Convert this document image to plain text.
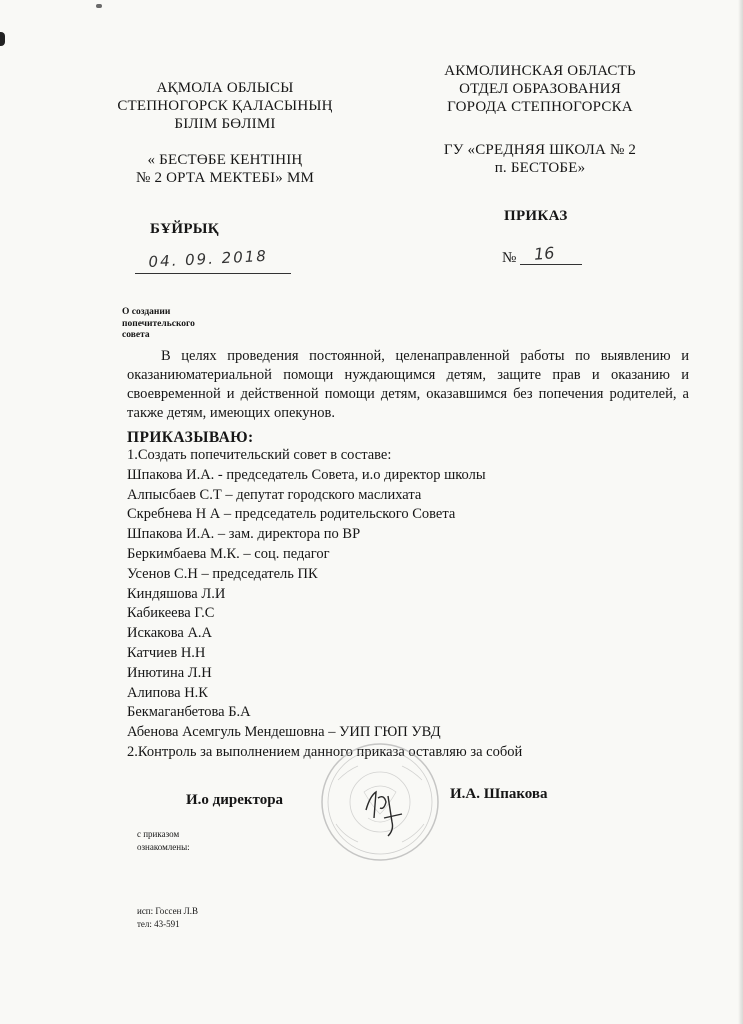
АҚМОЛА ОБЛЫСЫ
СТЕПНОГОРСК ҚАЛАСЫНЫҢ
БІЛІМ БӨЛІМІ
« БЕСТӨБЕ КЕНТІНІҢ
№ 2 ОРТА МЕКТЕБІ» ММ
АКМОЛИНСКАЯ ОБЛАСТЬ
ОТДЕЛ ОБРАЗОВАНИЯ
ГОРОДА СТЕПНОГОРСКА
ГУ «СРЕДНЯЯ ШКОЛА № 2
п. БЕСТОБЕ»
БҰЙРЫҚ
ПРИКАЗ
04. 09. 2018	№ 16
О создании
попечительского
совета
В целях проведения постоянной, целенаправленной работы по выявлению и оказаниюматериальной помощи нуждающимся детям, защите прав и оказанию и своевременной и действенной помощи детям, оказавшимся без попечения родителей, а также детям, имеющих опекунов.
ПРИКАЗЫВАЮ:
1.Создать попечительский совет в составе:
Шпакова И.А. - председатель Совета, и.о директор школы
Алпысбаев С.Т – депутат городского маслихата
Скребнева Н А – председатель родительского Совета
Шпакова И.А. – зам. директора по ВР
Беркимбаева М.К. – соц. педагог
Усенов С.Н – председатель ПК
Киндяшова Л.И
Кабикеева Г.С
Искакова А.А
Катчиев Н.Н
Инютина Л.Н
Алипова Н.К
Бекмаганбетова Б.А
Абенова Асемгуль Мендешовна – УИП ГЮП УВД
2.Контроль за выполнением данного приказа оставляю за собой
И.о директора	И.А. Шпакова
с приказом
ознакомлены:
исп: Госсен Л.В
тел: 43-591
